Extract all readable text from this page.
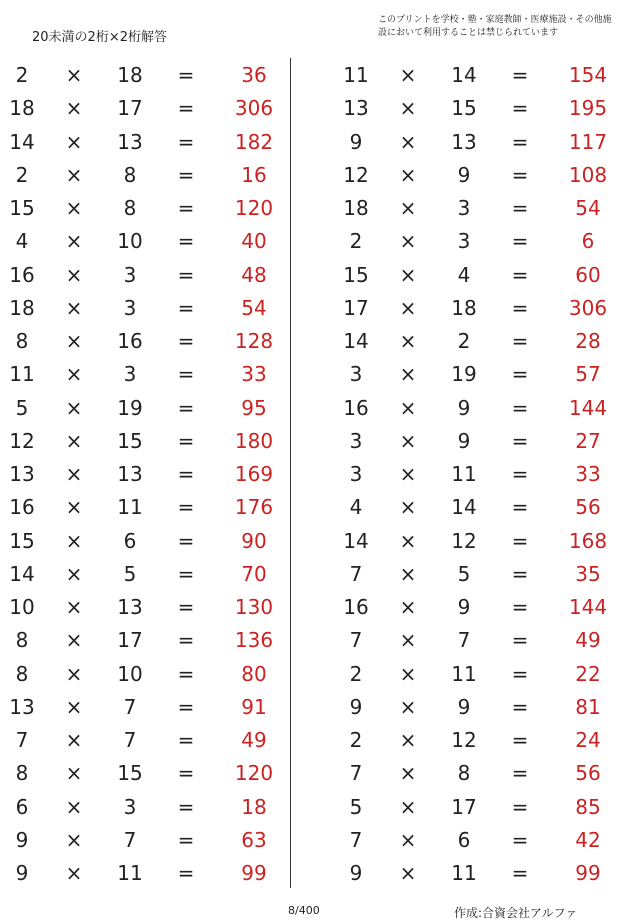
20未満の2桁×2桁解答
このプリントを学校・塾・家庭教師・医療施設・その他施設において利用することは禁じられています
2	×	18	=	36
18 ×	17	=	306
14 ×	13	=	182
2	×	8	=	16
15 ×	8	=	120
4	×	10	=	40
16 ×	3	=	48
18 ×	3	=	54
8	×	16	=	128
11 ×	3	=	33
5	×	19	=	95
12 ×	15	=	180
13 ×	13	=	169
16 ×	11	=	176
15 ×	6	=	90
14 ×	5	=	70
10 ×	13	=	130
8	×	17	=	136
8	×	10	=	80
13 ×	7	=	91
7	×	7	=	49
8	×	15	=	120
6	×	3	=	18
9	×	7	=	63
9	×	11	=	99
11 ×	14	=	154
13 ×	15	=	195
9	×	13	=	117
12 ×	9	=	108
18 ×	3	=	54
2	×	3	=	6
15 ×	4	=	60
17 ×	18	=	306
14 ×	2	=	28
3	×	19	=	57
16 ×	9	=	144
3	×	9	=	27
3	×	11	=	33
4	×	14	=	56
14 ×	12	=	168
7	×	5	=	35
16 ×	9	=	144
7	×	7	=	49
2	×	11	=	22
9	×	9	=	81
2	×	12	=	24
7	×	8	=	56
5	×	17	=	85
7	×	6	=	42
9	×	11	=	99
8/400	作成:合資会社アルファ
